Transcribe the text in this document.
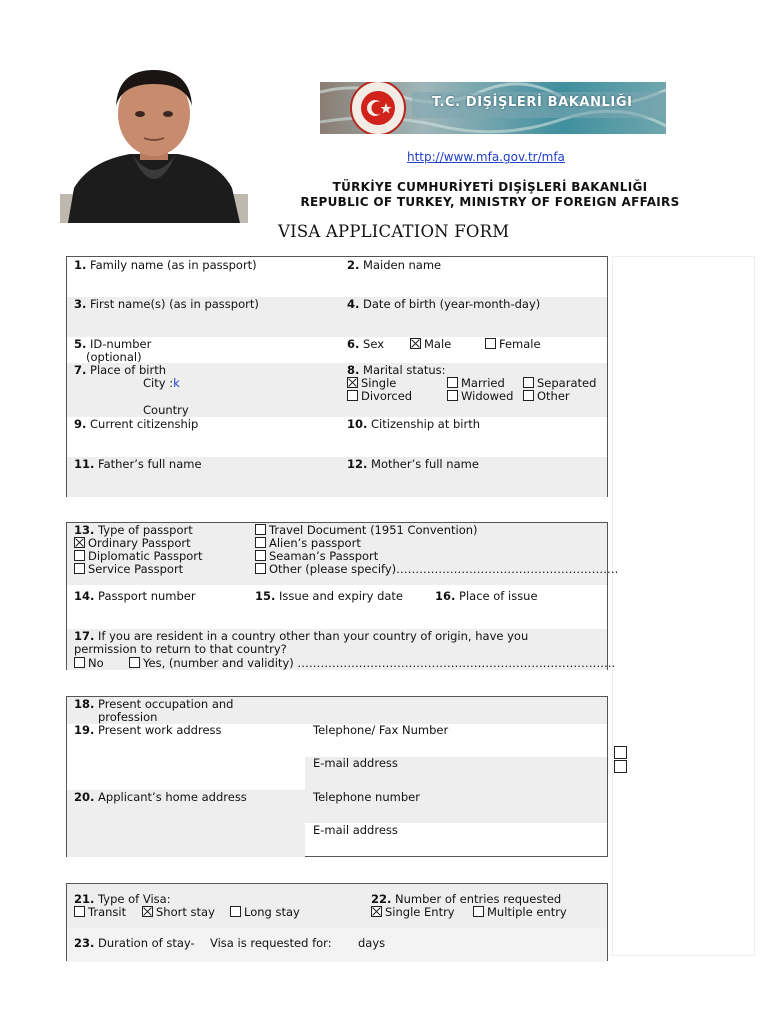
T.C. DIŞİŞLERİ BAKANLIĞI
http://www.mfa.gov.tr/mfa
TÜRKİYE CUMHURİYETİ DIŞİŞLERİ BAKANLIĞI
REPUBLIC OF TURKEY, MINISTRY OF FOREIGN AFFAIRS
VISA APPLICATION FORM
1. Family name (as in passport)	2. Maiden name
3. First name(s) (as in passport)	4. Date of birth (year-month-day)
5. ID-number
(optional)
6. Sex	Male	Female
7. Place of birth
City :k
Country
8. Marital status:
Single	Married	Separated
Divorced	Widowed	Other
9. Current citizenship	10. Citizenship at birth
11. Father’s full name	12. Mother’s full name
13. Type of passport
Ordinary Passport
Diplomatic Passport
Service Passport
Travel Document (1951 Convention)
Alien’s passport
Seaman’s Passport
Other (please specify)………………………………………………….
14. Passport number	15. Issue and expiry date	16. Place of issue
17. If you are resident in a country other than your country of origin, have you
permission to return to that country?
No	Yes, (number and validity) ………………………………………………………………………..
18. Present occupation and
profession
19. Present work address	Telephone/ Fax Number
E-mail address
20. Applicant’s home address	Telephone number
E-mail address
21. Type of Visa:
Transit	Short stay	Long stay
22. Number of entries requested
Single Entry	Multiple entry
23. Duration of stay- Visa is requested for: days
